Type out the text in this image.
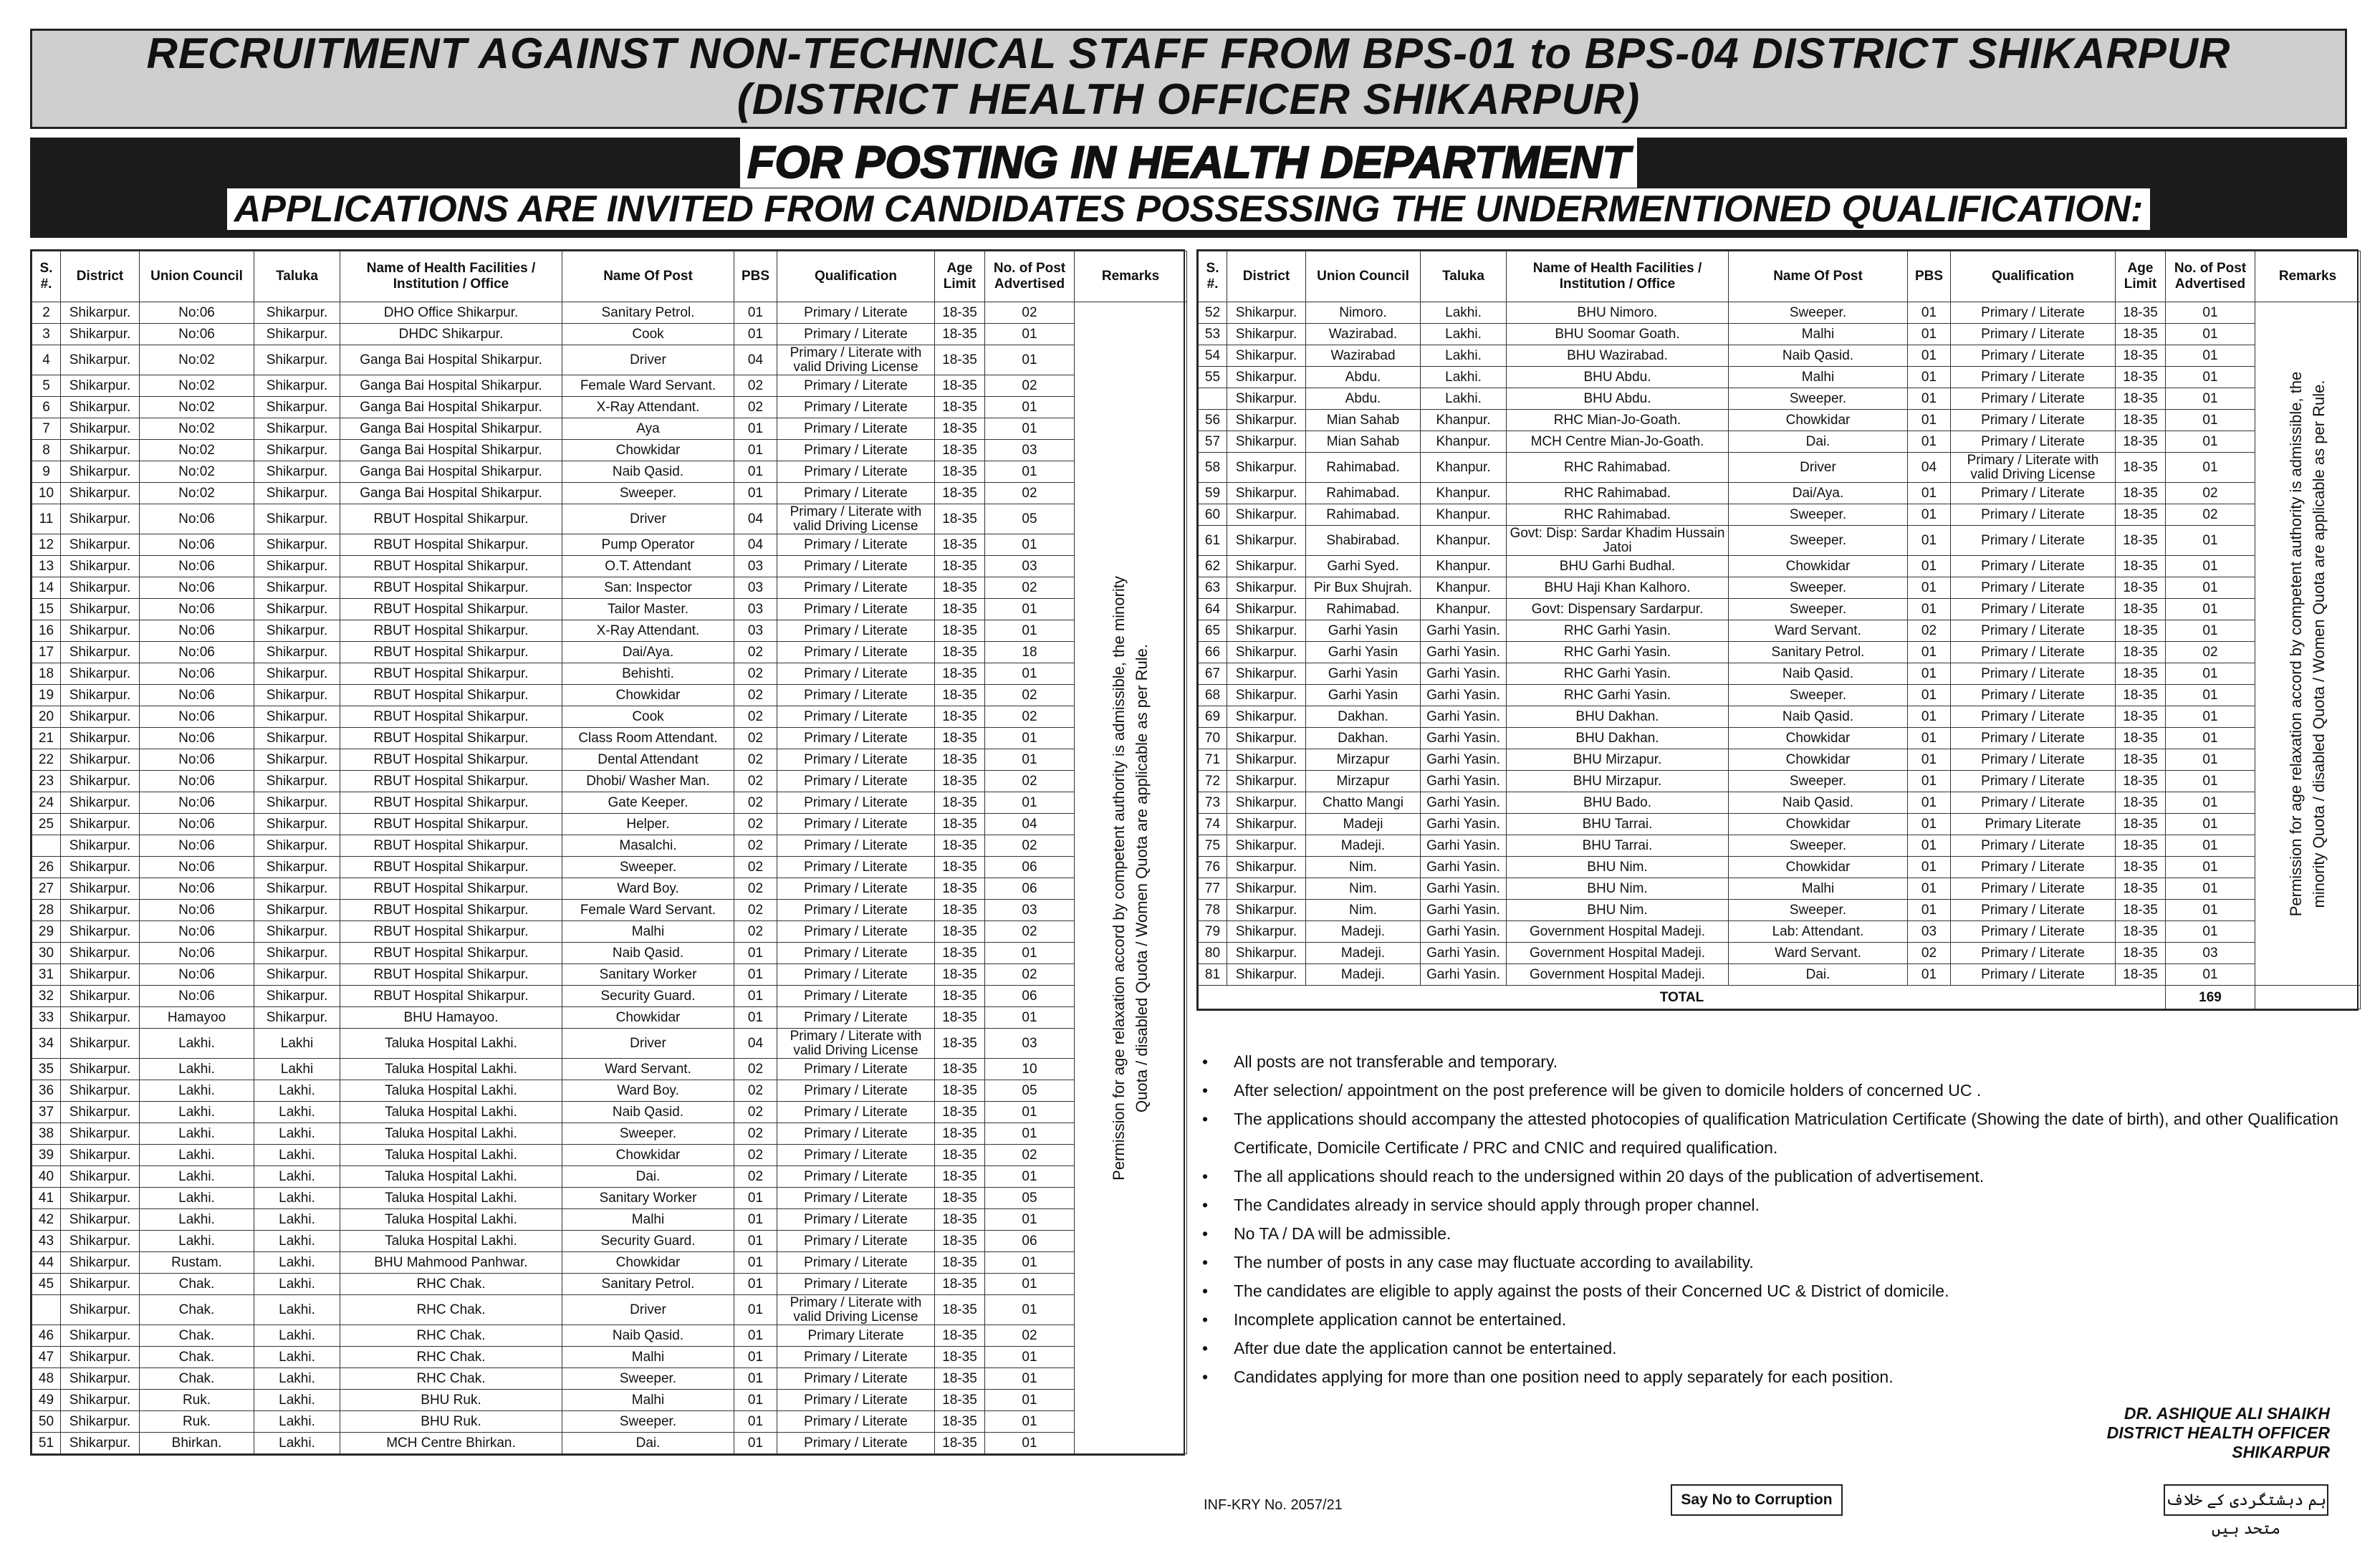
RECRUITMENT AGAINST NON-TECHNICAL STAFF FROM BPS-01 to BPS-04 DISTRICT SHIKARPUR
(DISTRICT HEALTH OFFICER SHIKARPUR)
FOR POSTING IN HEALTH DEPARTMENT
APPLICATIONS ARE INVITED FROM CANDIDATES POSSESSING THE UNDERMENTIONED QUALIFICATION:
S. #.	District	Union Council	Taluka	Name of Health Facilities / Institution / Office	Name Of Post	PBS	Qualification	Age Limit	No. of Post Advertised	Remarks
2	Shikarpur.	No:06	Shikarpur.	DHO Office Shikarpur.	Sanitary Petrol.	01	Primary / Literate	18-35	02	Permission for age relaxation accord by competent authority is admissible, the minority Quota / disabled Quota / Women Quota are applicable as per Rule.

3	Shikarpur.	No:06	Shikarpur.	DHDC Shikarpur.	Cook	01	Primary / Literate	18-35	01	
4	Shikarpur.	No:02	Shikarpur.	Ganga Bai Hospital Shikarpur.	Driver	04	Primary / Literate with valid Driving License	18-35	01	
5	Shikarpur.	No:02	Shikarpur.	Ganga Bai Hospital Shikarpur.	Female Ward Servant.	02	Primary / Literate	18-35	02	
6	Shikarpur.	No:02	Shikarpur.	Ganga Bai Hospital Shikarpur.	X-Ray Attendant.	02	Primary / Literate	18-35	01	
7	Shikarpur.	No:02	Shikarpur.	Ganga Bai Hospital Shikarpur.	Aya	01	Primary / Literate	18-35	01	
8	Shikarpur.	No:02	Shikarpur.	Ganga Bai Hospital Shikarpur.	Chowkidar	01	Primary / Literate	18-35	03	
9	Shikarpur.	No:02	Shikarpur.	Ganga Bai Hospital Shikarpur.	Naib Qasid.	01	Primary / Literate	18-35	01	
10	Shikarpur.	No:02	Shikarpur.	Ganga Bai Hospital Shikarpur.	Sweeper.	01	Primary / Literate	18-35	02	
11	Shikarpur.	No:06	Shikarpur.	RBUT Hospital Shikarpur.	Driver	04	Primary / Literate with valid Driving License	18-35	05	
12	Shikarpur.	No:06	Shikarpur.	RBUT Hospital Shikarpur.	Pump Operator	04	Primary / Literate	18-35	01	
13	Shikarpur.	No:06	Shikarpur.	RBUT Hospital Shikarpur.	O.T. Attendant	03	Primary / Literate	18-35	03	
14	Shikarpur.	No:06	Shikarpur.	RBUT Hospital Shikarpur.	San: Inspector	03	Primary / Literate	18-35	02	
15	Shikarpur.	No:06	Shikarpur.	RBUT Hospital Shikarpur.	Tailor Master.	03	Primary / Literate	18-35	01	
16	Shikarpur.	No:06	Shikarpur.	RBUT Hospital Shikarpur.	X-Ray Attendant.	03	Primary / Literate	18-35	01	
17	Shikarpur.	No:06	Shikarpur.	RBUT Hospital Shikarpur.	Dai/Aya.	02	Primary / Literate	18-35	18	
18	Shikarpur.	No:06	Shikarpur.	RBUT Hospital Shikarpur.	Behishti.	02	Primary / Literate	18-35	01	
19	Shikarpur.	No:06	Shikarpur.	RBUT Hospital Shikarpur.	Chowkidar	02	Primary / Literate	18-35	02	
20	Shikarpur.	No:06	Shikarpur.	RBUT Hospital Shikarpur.	Cook	02	Primary / Literate	18-35	02	
21	Shikarpur.	No:06	Shikarpur.	RBUT Hospital Shikarpur.	Class Room Attendant.	02	Primary / Literate	18-35	01	
22	Shikarpur.	No:06	Shikarpur.	RBUT Hospital Shikarpur.	Dental Attendant	02	Primary / Literate	18-35	01	
23	Shikarpur.	No:06	Shikarpur.	RBUT Hospital Shikarpur.	Dhobi/ Washer Man.	02	Primary / Literate	18-35	02	
24	Shikarpur.	No:06	Shikarpur.	RBUT Hospital Shikarpur.	Gate Keeper.	02	Primary / Literate	18-35	01	
25	Shikarpur.	No:06	Shikarpur.	RBUT Hospital Shikarpur.	Helper.	02	Primary / Literate	18-35	04	
	Shikarpur.	No:06	Shikarpur.	RBUT Hospital Shikarpur.	Masalchi.	02	Primary / Literate	18-35	02	
26	Shikarpur.	No:06	Shikarpur.	RBUT Hospital Shikarpur.	Sweeper.	02	Primary / Literate	18-35	06	
27	Shikarpur.	No:06	Shikarpur.	RBUT Hospital Shikarpur.	Ward Boy.	02	Primary / Literate	18-35	06	
28	Shikarpur.	No:06	Shikarpur.	RBUT Hospital Shikarpur.	Female Ward Servant.	02	Primary / Literate	18-35	03	
29	Shikarpur.	No:06	Shikarpur.	RBUT Hospital Shikarpur.	Malhi	02	Primary / Literate	18-35	02	
30	Shikarpur.	No:06	Shikarpur.	RBUT Hospital Shikarpur.	Naib Qasid.	01	Primary / Literate	18-35	01	
31	Shikarpur.	No:06	Shikarpur.	RBUT Hospital Shikarpur.	Sanitary Worker	01	Primary / Literate	18-35	02	
32	Shikarpur.	No:06	Shikarpur.	RBUT Hospital Shikarpur.	Security Guard.	01	Primary / Literate	18-35	06	
33	Shikarpur.	Hamayoo	Shikarpur.	BHU Hamayoo.	Chowkidar	01	Primary / Literate	18-35	01	
34	Shikarpur.	Lakhi.	Lakhi	Taluka Hospital Lakhi.	Driver	04	Primary / Literate with valid Driving License	18-35	03	
35	Shikarpur.	Lakhi.	Lakhi	Taluka Hospital Lakhi.	Ward Servant.	02	Primary / Literate	18-35	10	
36	Shikarpur.	Lakhi.	Lakhi.	Taluka Hospital Lakhi.	Ward Boy.	02	Primary / Literate	18-35	05	
37	Shikarpur.	Lakhi.	Lakhi.	Taluka Hospital Lakhi.	Naib Qasid.	02	Primary / Literate	18-35	01	
38	Shikarpur.	Lakhi.	Lakhi.	Taluka Hospital Lakhi.	Sweeper.	02	Primary / Literate	18-35	01	
39	Shikarpur.	Lakhi.	Lakhi.	Taluka Hospital Lakhi.	Chowkidar	02	Primary / Literate	18-35	02	
40	Shikarpur.	Lakhi.	Lakhi.	Taluka Hospital Lakhi.	Dai.	02	Primary / Literate	18-35	01	
41	Shikarpur.	Lakhi.	Lakhi.	Taluka Hospital Lakhi.	Sanitary Worker	01	Primary / Literate	18-35	05	
42	Shikarpur.	Lakhi.	Lakhi.	Taluka Hospital Lakhi.	Malhi	01	Primary / Literate	18-35	01	
43	Shikarpur.	Lakhi.	Lakhi.	Taluka Hospital Lakhi.	Security Guard.	01	Primary / Literate	18-35	06	
44	Shikarpur.	Rustam.	Lakhi.	BHU Mahmood Panhwar.	Chowkidar	01	Primary / Literate	18-35	01	
45	Shikarpur.	Chak.	Lakhi.	RHC Chak.	Sanitary Petrol.	01	Primary / Literate	18-35	01	
	Shikarpur.	Chak.	Lakhi.	RHC Chak.	Driver	01	Primary / Literate with valid Driving License	18-35	01	
46	Shikarpur.	Chak.	Lakhi.	RHC Chak.	Naib Qasid.	01	Primary Literate	18-35	02	
47	Shikarpur.	Chak.	Lakhi.	RHC Chak.	Malhi	01	Primary / Literate	18-35	01	
48	Shikarpur.	Chak.	Lakhi.	RHC Chak.	Sweeper.	01	Primary / Literate	18-35	01	
49	Shikarpur.	Ruk.	Lakhi.	BHU Ruk.	Malhi	01	Primary / Literate	18-35	01	
50	Shikarpur.	Ruk.	Lakhi.	BHU Ruk.	Sweeper.	01	Primary / Literate	18-35	01	
51	Shikarpur.	Bhirkan.	Lakhi.	MCH Centre Bhirkan.	Dai.	01	Primary / Literate	18-35	01	
S. #.	District	Union Council	Taluka	Name of Health Facilities / Institution / Office	Name Of Post	PBS	Qualification	Age Limit	No. of Post Advertised	Remarks
52	Shikarpur.	Nimoro.	Lakhi.	BHU Nimoro.	Sweeper.	01	Primary / Literate	18-35	01	Permission for age relaxation accord by competent authority is admissible, the minority Quota / disabled Quota / Women Quota are applicable as per Rule.

53	Shikarpur.	Wazirabad.	Lakhi.	BHU Soomar Goath.	Malhi	01	Primary / Literate	18-35	01	
54	Shikarpur.	Wazirabad	Lakhi.	BHU Wazirabad.	Naib Qasid.	01	Primary / Literate	18-35	01	
55	Shikarpur.	Abdu.	Lakhi.	BHU Abdu.	Malhi	01	Primary / Literate	18-35	01	
	Shikarpur.	Abdu.	Lakhi.	BHU Abdu.	Sweeper.	01	Primary / Literate	18-35	01	
56	Shikarpur.	Mian Sahab	Khanpur.	RHC Mian-Jo-Goath.	Chowkidar	01	Primary / Literate	18-35	01	
57	Shikarpur.	Mian Sahab	Khanpur.	MCH Centre Mian-Jo-Goath.	Dai.	01	Primary / Literate	18-35	01	
58	Shikarpur.	Rahimabad.	Khanpur.	RHC Rahimabad.	Driver	04	Primary / Literate with valid Driving License	18-35	01	
59	Shikarpur.	Rahimabad.	Khanpur.	RHC Rahimabad.	Dai/Aya.	01	Primary / Literate	18-35	02	
60	Shikarpur.	Rahimabad.	Khanpur.	RHC Rahimabad.	Sweeper.	01	Primary / Literate	18-35	02	
61	Shikarpur.	Shabirabad.	Khanpur.	Govt: Disp: Sardar Khadim Hussain Jatoi	Sweeper.	01	Primary / Literate	18-35	01	
62	Shikarpur.	Garhi Syed.	Khanpur.	BHU Garhi Budhal.	Chowkidar	01	Primary / Literate	18-35	01	
63	Shikarpur.	Pir Bux Shujrah.	Khanpur.	BHU Haji Khan Kalhoro.	Sweeper.	01	Primary / Literate	18-35	01	
64	Shikarpur.	Rahimabad.	Khanpur.	Govt: Dispensary Sardarpur.	Sweeper.	01	Primary / Literate	18-35	01	
65	Shikarpur.	Garhi Yasin	Garhi Yasin.	RHC Garhi Yasin.	Ward Servant.	02	Primary / Literate	18-35	01	
66	Shikarpur.	Garhi Yasin	Garhi Yasin.	RHC Garhi Yasin.	Sanitary Petrol.	01	Primary / Literate	18-35	02	
67	Shikarpur.	Garhi Yasin	Garhi Yasin.	RHC Garhi Yasin.	Naib Qasid.	01	Primary / Literate	18-35	01	
68	Shikarpur.	Garhi Yasin	Garhi Yasin.	RHC Garhi Yasin.	Sweeper.	01	Primary / Literate	18-35	01	
69	Shikarpur.	Dakhan.	Garhi Yasin.	BHU Dakhan.	Naib Qasid.	01	Primary / Literate	18-35	01	
70	Shikarpur.	Dakhan.	Garhi Yasin.	BHU Dakhan.	Chowkidar	01	Primary / Literate	18-35	01	
71	Shikarpur.	Mirzapur	Garhi Yasin.	BHU Mirzapur.	Chowkidar	01	Primary / Literate	18-35	01	
72	Shikarpur.	Mirzapur	Garhi Yasin.	BHU Mirzapur.	Sweeper.	01	Primary / Literate	18-35	01	
73	Shikarpur.	Chatto Mangi	Garhi Yasin.	BHU Bado.	Naib Qasid.	01	Primary / Literate	18-35	01	
74	Shikarpur.	Madeji	Garhi Yasin.	BHU Tarrai.	Chowkidar	01	Primary Literate	18-35	01	
75	Shikarpur.	Madeji.	Garhi Yasin.	BHU Tarrai.	Sweeper.	01	Primary / Literate	18-35	01	
76	Shikarpur.	Nim.	Garhi Yasin.	BHU Nim.	Chowkidar	01	Primary / Literate	18-35	01	
77	Shikarpur.	Nim.	Garhi Yasin.	BHU Nim.	Malhi	01	Primary / Literate	18-35	01	
78	Shikarpur.	Nim.	Garhi Yasin.	BHU Nim.	Sweeper.	01	Primary / Literate	18-35	01	
79	Shikarpur.	Madeji.	Garhi Yasin.	Government Hospital Madeji.	Lab: Attendant.	03	Primary / Literate	18-35	01	
80	Shikarpur.	Madeji.	Garhi Yasin.	Government Hospital Madeji.	Ward Servant.	02	Primary / Literate	18-35	03	
81	Shikarpur.	Madeji.	Garhi Yasin.	Government Hospital Madeji.	Dai.	01	Primary / Literate	18-35	01	
TOTAL									169	
• All posts are not transferable and temporary.
• After selection/ appointment on the post preference will be given to domicile holders of concerned UC .
• The applications should accompany the attested photocopies of qualification Matriculation Certificate (Showing the date of birth), and other Qualification Certificate, Domicile Certificate / PRC and CNIC and required qualification.
• The all applications should reach to the undersigned within 20 days of the publication of advertisement.
• The Candidates already in service should apply through proper channel.
• No TA / DA will be admissible.
• The number of posts in any case may fluctuate according to availability.
• The candidates are eligible to apply against the posts of their Concerned UC & District of domicile.
• Incomplete application cannot be entertained.
• After due date the application cannot be entertained.
• Candidates applying for more than one position need to apply separately for each position.
DR. ASHIQUE ALI SHAIKH
DISTRICT HEALTH OFFICER
SHIKARPUR
INF-KRY No. 2057/21	Say No to Corruption	ہم دہشتگردی کے خلاف متحد ہیں
